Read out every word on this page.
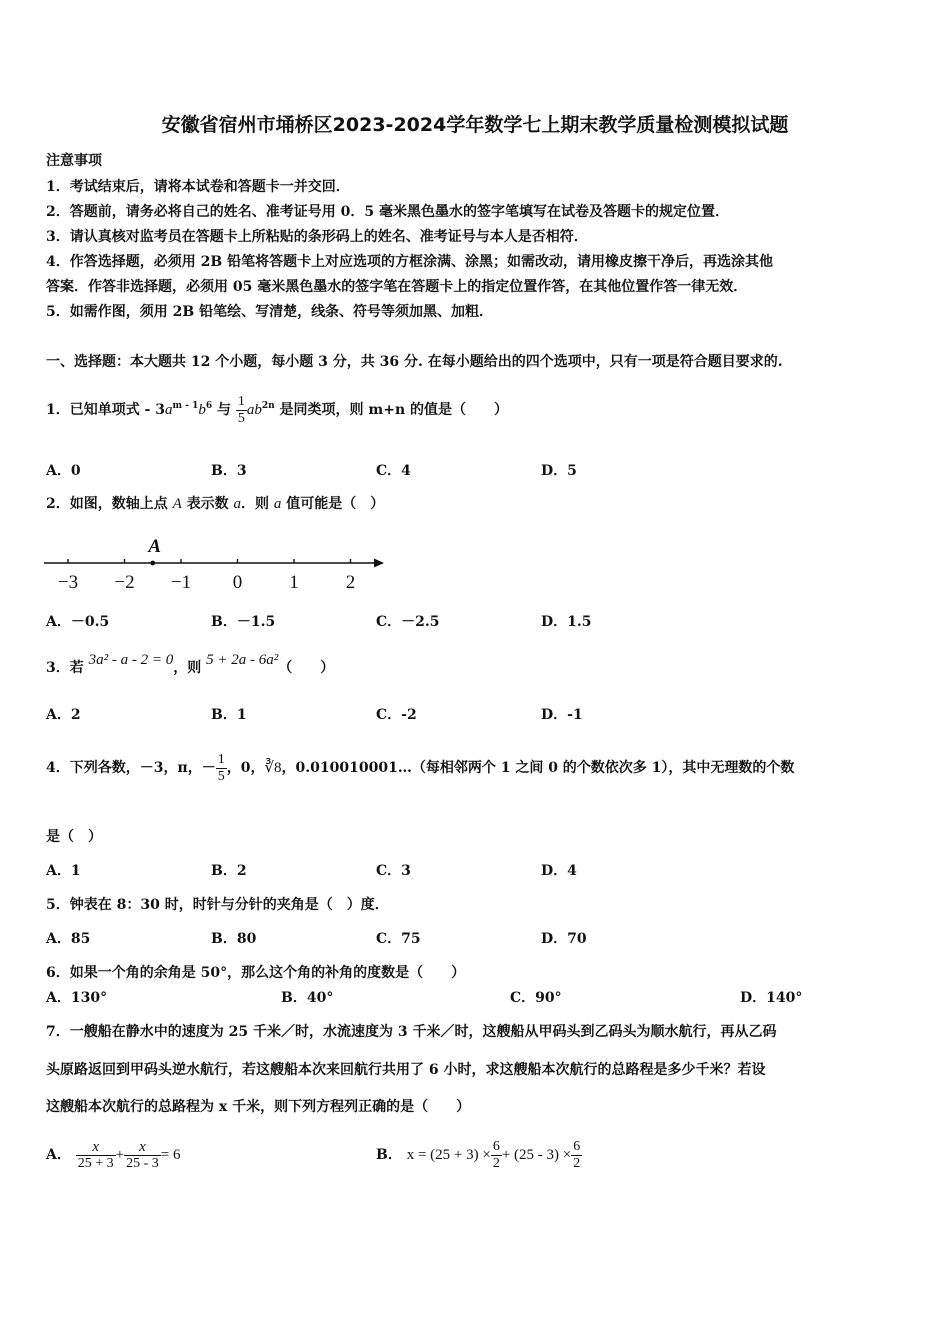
安徽省宿州市埇桥区2023-2024学年数学七上期末教学质量检测模拟试题
注意事项
1．考试结束后，请将本试卷和答题卡一并交回．
2．答题前，请务必将自己的姓名、准考证号用 0．5 毫米黑色墨水的签字笔填写在试卷及答题卡的规定位置．
3．请认真核对监考员在答题卡上所粘贴的条形码上的姓名、准考证号与本人是否相符．
4．作答选择题，必须用 2B 铅笔将答题卡上对应选项的方框涂满、涂黑；如需改动，请用橡皮擦干净后，再选涂其他
答案．作答非选择题，必须用 05 毫米黑色墨水的签字笔在答题卡上的指定位置作答，在其他位置作答一律无效．
5．如需作图，须用 2B 铅笔绘、写清楚，线条、符号等须加黑、加粗．
一、选择题：本大题共 12 个小题，每小题 3 分，共 36 分. 在每小题给出的四个选项中，只有一项是符合题目要求的.
1．已知单项式 - $3a^{m - 1}b^6$ 与 $\frac{1}{5} ab^{2n}$ 是同类项，则 m+n 的值是（　　）
A．0	B．3	C．4	D．5
2．如图，数轴上点 A 表示数 a．则 a 值可能是（　）
−3 −2 −1 0 1 2
A
A．－0.5	B．－1.5	C．－2.5	D．1.5
3．若 3a² - a - 2 = 0，则 5 + 2a - 6a²（　　）
A．2	B．1	C．-2	D．-1
4．下列各数，－3，π，－ $\frac{1}{5}$ ，0，∛8，0.010010001…（每相邻两个 1 之间 0 的个数依次多 1），其中无理数的个数
是（　）
A．1	B．2	C．3	D．4
5．钟表在 8：30 时，时针与分针的夹角是（　）度．
A．85	B．80	C．75	D．70
6．如果一个角的余角是 50°，那么这个角的补角的度数是（　　）
A．130°	B．40°	C．90°	D．140°
7．一艘船在静水中的速度为 25 千米／时，水流速度为 3 千米／时，这艘船从甲码头到乙码头为顺水航行，再从乙码
头原路返回到甲码头逆水航行，若这艘船本次来回航行共用了 6 小时，求这艘船本次航行的总路程是多少千米？若设
这艘船本次航行的总路程为 x 千米，则下列方程列正确的是（　　）
A． $\frac{x}{25 + 3} + \frac{x}{25 - 3} = 6$	B． $x = (25 + 3) \times \frac{6}{2} + (25 - 3) \times \frac{6}{2}$
